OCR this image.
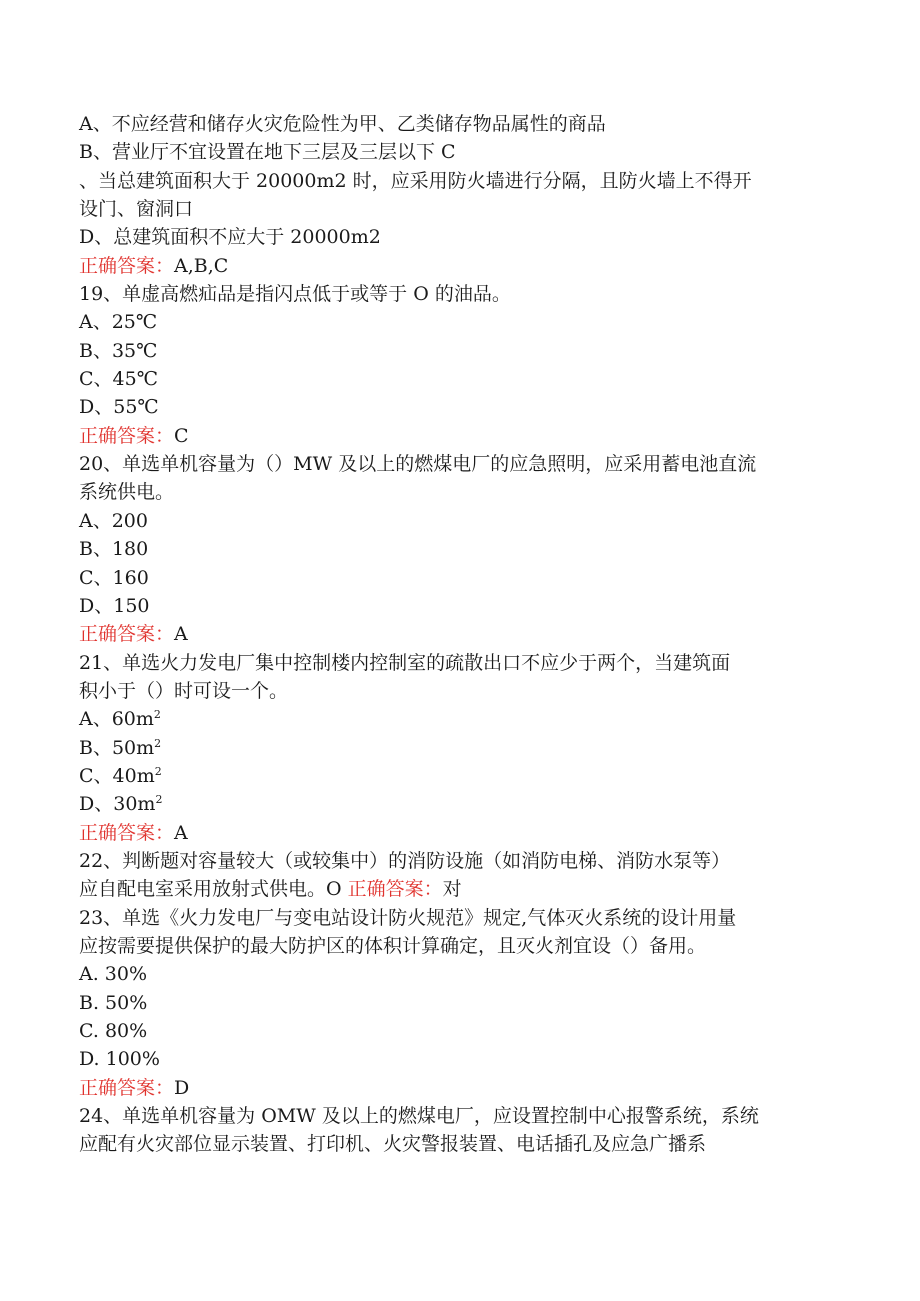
A、不应经营和储存火灾危险性为甲、乙类储存物品属性的商品
B、营业厅不宜设置在地下三层及三层以下 C
、当总建筑面积大于 20000m2 时，应采用防火墙进行分隔，且防火墙上不得开
设门、窗洞口
D、总建筑面积不应大于 20000m2
正确答案：A,B,C
19、单虚高燃疝品是指闪点低于或等于 O 的油品。
A、25℃
B、35℃
C、45℃
D、55℃
正确答案：C
20、单选单机容量为（）MW 及以上的燃煤电厂的应急照明，应采用蓄电池直流
系统供电。
A、200
B、180
C、160
D、150
正确答案：A
21、单选火力发电厂集中控制楼内控制室的疏散出口不应少于两个，当建筑面
积小于（）时可设一个。
A、$60m^2$
B、$50m^2$
C、$40m^2$
D、$30m^2$
正确答案：A
22、判断题对容量较大（或较集中）的消防设施（如消防电梯、消防水泵等）
应自配电室采用放射式供电。O 正确答案：对
23、单选《火力发电厂与变电站设计防火规范》规定,气体灭火系统的设计用量
应按需要提供保护的最大防护区的体积计算确定，且灭火剂宜设（）备用。
A. 30%
B. 50%
C. 80%
D. 100%
正确答案：D
24、单选单机容量为 OMW 及以上的燃煤电厂，应设置控制中心报警系统，系统
应配有火灾部位显示装置、打印机、火灾警报装置、电话插孔及应急广播系
